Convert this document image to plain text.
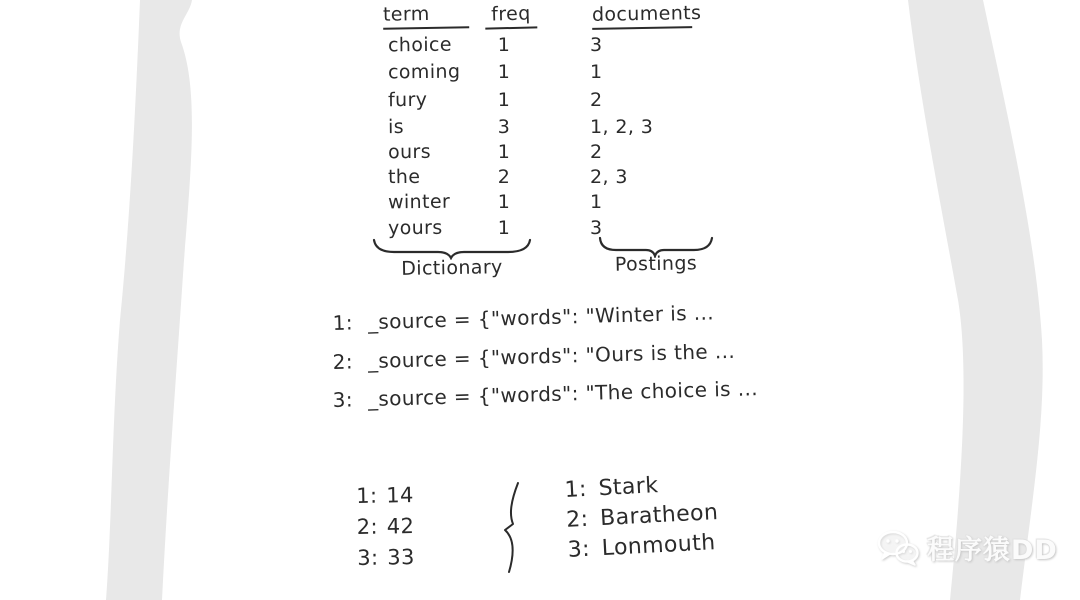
term	freq	documents
choice	1	3
coming	1	1
fury	1	2
is	3	1, 2, 3
ours	1	2
the	2	2, 3
winter	1	1
yours	1	3
Dictionary	Postings
1: _source = {"words": "Winter is ...
2: _source = {"words": "Ours is the ...
3: _source = {"words": "The choice is ...
1: 14
2: 42
3: 33
1: Stark
2: Baratheon
3: Lonmouth	程序猿DD
